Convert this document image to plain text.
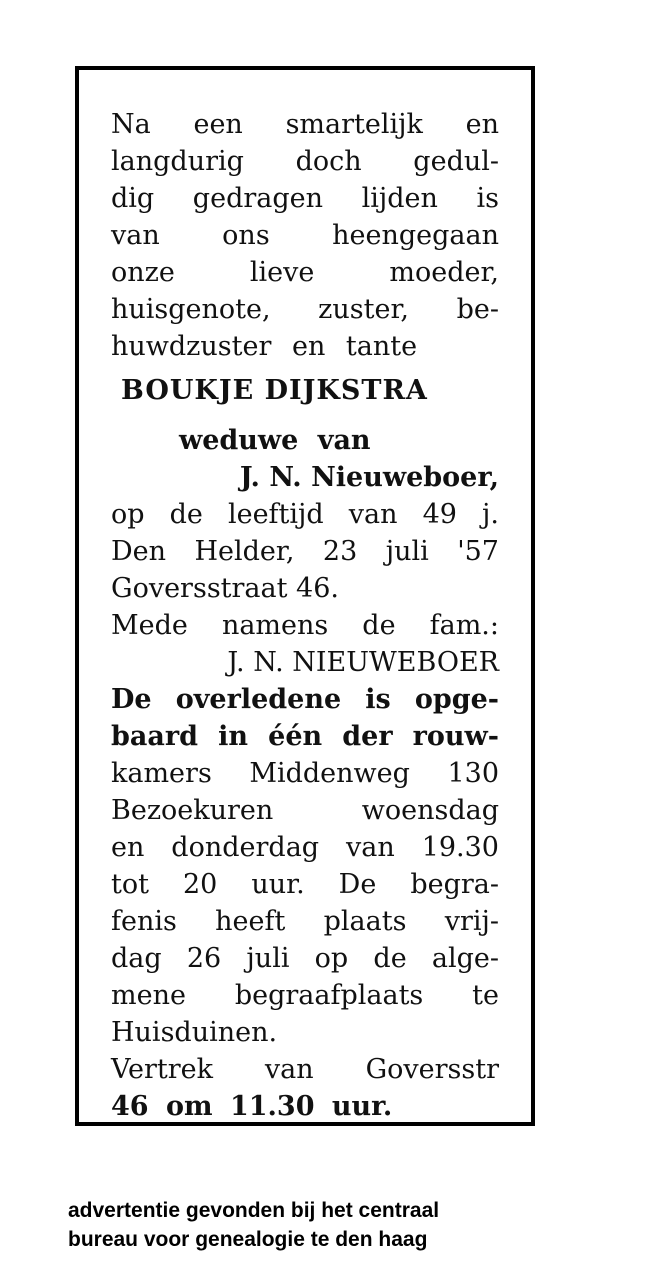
Na een smartelijk en
langdurig doch gedul-
dig gedragen lijden is
van ons heengegaan
onze lieve moeder,
huisgenote, zuster, be-
huwdzuster en tante
BOUKJE DIJKSTRA
weduwe van
J. N. Nieuweboer,
op de leeftijd van 49 j.
Den Helder, 23 juli '57
Goversstraat 46.
Mede namens de fam.:
J. N. NIEUWEBOER
De overledene is opge-
baard in één der rouw-
kamers Middenweg 130
Bezoekuren woensdag
en donderdag van 19.30
tot 20 uur. De begra-
fenis heeft plaats vrij-
dag 26 juli op de alge-
mene begraafplaats te
Huisduinen.
Vertrek van Goversstr
46 om 11.30 uur.
advertentie gevonden bij het centraal
bureau voor genealogie te den haag
